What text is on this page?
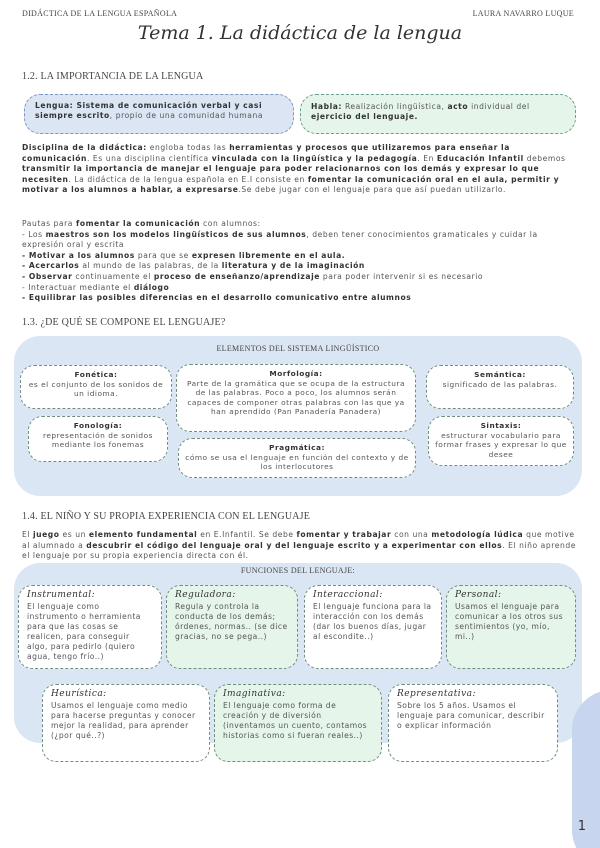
DIDÁCTICA DE LA LENGUA ESPAÑOLA	LAURA NAVARRO LUQUE
Tema 1. La didáctica de la lengua
1.2. LA IMPORTANCIA DE LA LENGUA
Lengua: Sistema de comunicación verbal y casi siempre escrito, propio de una comunidad humana
Habla: Realización lingüística, acto individual del ejercicio del lenguaje.
Disciplina de la didáctica: engloba todas las herramientas y procesos que utilizaremos para enseñar la comunicación. Es una disciplina científica vinculada con la lingüística y la pedagogía. En Educación Infantil debemos transmitir la importancia de manejar el lenguaje para poder relacionarnos con los demás y expresar lo que necesiten. La didáctica de la lengua española en E.I consiste en fomentar la comunicación oral en el aula, permitir y motivar a los alumnos a hablar, a expresarse.Se debe jugar con el lenguaje para que así puedan utilizarlo.
Pautas para fomentar la comunicación con alumnos:
- Los maestros son los modelos lingüísticos de sus alumnos, deben tener conocimientos gramaticales y cuidar la expresión oral y escrita
- Motivar a los alumnos para que se expresen libremente en el aula.
- Acercarlos al mundo de las palabras, de la literatura y de la imaginación
- Observar continuamente el proceso de enseñanzo/aprendizaje para poder intervenir si es necesario
- Interactuar mediante el diálogo
- Equilibrar las posibles diferencias en el desarrollo comunicativo entre alumnos
1.3. ¿DE QUÉ SE COMPONE EL LENGUAJE?
ELEMENTOS DEL SISTEMA LINGÜÍSTICO
Fonética:
es el conjunto de los sonidos de un idioma.
Morfología:
Parte de la gramática que se ocupa de la estructura de las palabras. Poco a poco, los alumnos serán capaces de componer otras palabras con las que ya han aprendido (Pan Panadería Panadera)
Semántica:
significado de las palabras.
Fonología:
representación de sonidos mediante los fonemas	Pragmática:
cómo se usa el lenguaje en función del contexto y de los interlocutores
Sintaxis:
estructurar vocabulario para formar frases y expresar lo que desee
1.4. EL NIÑO Y SU PROPIA EXPERIENCIA CON EL LENGUAJE
El juego es un elemento fundamental en E.Infantil. Se debe fomentar y trabajar con una metodología lúdica que motive al alumnado a descubrir el código del lenguaje oral y del lenguaje escrito y a experimentar con ellos. El niño aprende el lenguaje por su propia experiencia directa con él.
FUNCIONES DEL LENGUAJE:
Instrumental:
El lenguaje como instrumento o herramienta para que las cosas se realicen, para conseguir algo, para pedirlo (quiero agua, tengo frío..)
Reguladora:
Regula y controla la conducta de los demás; órdenes, normas.. (se dice gracias, no se pega..)
Interaccional:
El lenguaje funciona para la interacción con los demás (dar los buenos días, jugar al escondite..)
Personal:
Usamos el lenguaje para comunicar a los otros sus sentimientos (yo, mío, mi..)
Heurística:
Usamos el lenguaje como medio para hacerse preguntas y conocer mejor la realidad, para aprender (¿por qué..?)
Imaginativa:
El lenguaje como forma de creación y de diversión (inventamos un cuento, contamos historias como si fueran reales..)
Representativa:
Sobre los 5 años. Usamos el lenguaje para comunicar, describir o explicar información
1
